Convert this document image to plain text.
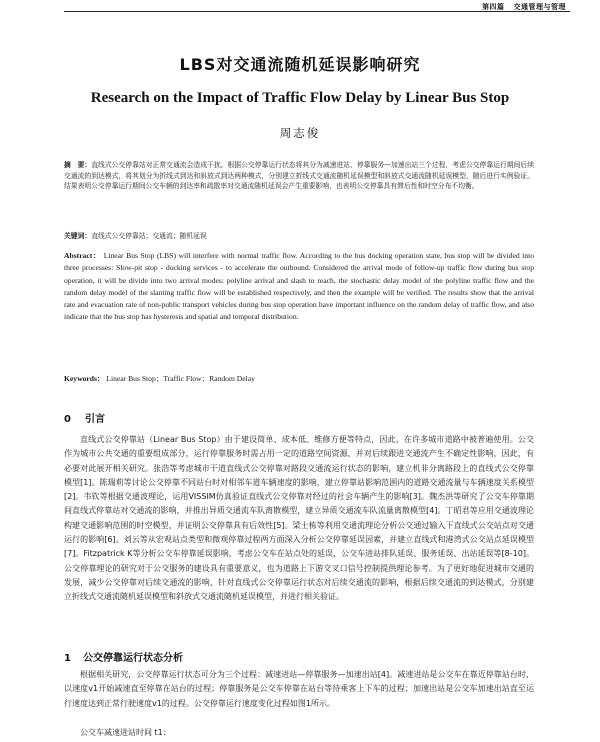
第四篇 交通管理与管理
LBS对交通流随机延误影响研究
Research on the Impact of Traffic Flow Delay by Linear Bus Stop
周志俊
摘　要：直线式公交停靠站对正常交通流会造成干扰。根据公交停靠运行状态将其分为减速进站、停靠服务—加速出站三个过程，考虑公交停靠运行期间后续交通流的到达模式，将其划分为折线式到达和斜放式到达两种模式，分别建立折线式交通流随机延误模型和斜放式交通流随机延误模型，随后进行实例验证。结果表明公交停靠运行期间公交车辆的到达率和疏散率对交通流随机延误会产生重要影响，也表明公交停靠具有滞后性和时空分布不均衡。
关键词：直线式公交停靠站；交通流；随机延误
Abstract： Linear Bus Stop (LBS) will interfere with normal traffic flow. According to the bus docking operation state, bus stop will be divided into three processes: Slow-pit stop - docking services - to accelerate the outbound. Considered the arrival mode of follow-up traffic flow during bus stop operation, it will be divide into two arrival modes: polyline arrival and slash to reach, the stochastic delay model of the polyline traffic flow and the random delay model of the slanting traffic flow will be established respectively, and then the example will be verified. The results show that the arrival rate and evacuation rate of non-public transport vehicles during bus stop operation have important influence on the random delay of traffic flow, and also indicate that the bus stop has hysteresis and spatial and temporal distribution.
Keywords： Linear Bus Stop；Traffic Flow；Random Delay
0 引言
直线式公交停靠站（Linear Bus Stop）由于建设简单、成本低、维修方便等特点，因此，在许多城市道路中被普遍使用。公交作为城市公共交通的重要组成部分，运行停靠服务时需占用一定的道路空间资源，并对后续跟进交通流产生不确定性影响，因此，有必要对此展开相关研究。张浩等考虑城市干道直线式公交停靠对路段交通流运行状态的影响，建立机非分离路段上的直线式公交停靠模型[1]。陈瑞莉等讨论公交停靠不同站台时对相邻车道车辆速度的影响，建立停靠站影响范围内的道路交通流量与车辆速度关系模型[2]。韦钦等根据交通波理论，运用VISSIM仿真验证直线式公交停靠对经过的社会车辆产生的影响[3]。魏杰洪等研究了公交车停靠期间直线式停靠站对交通流的影响，并推出异质交通流车队离散模型，建立异质交通流车队流量离散模型[4]。丁昭君等应用交通波理论构建交通影响范围的时空模型，并证明公交停靠具有后效性[5]。梁士栋等利用交通流理论分析公交通过输入下直线式公交站点对交通运行的影响[6]。刘云等从宏观站点类型和微观停靠过程两方面深入分析公交停靠延误因素，并建立直线式和港湾式公交站点延误模型[7]。Fitzpatrick K等分析公交车停靠延误影响，考虑公交车在站点处的延误，公交车进站排队延误、服务延误、出站延误等[8-10]。公交停靠理论的研究对于公交服务的建设具有重要意义，也为道路上下游交叉口信号控制提供理论参考。为了更好地促进城市交通的发展，减少公交停靠对后续交通流的影响，针对直线式公交停靠运行状态对后续交通流的影响，根据后续交通流的到达模式，分别建立折线式交通流随机延误模型和斜放式交通流随机延误模型，并进行相关验证。
1 公交停靠运行状态分析
根据相关研究，公交停靠运行状态可分为三个过程：减速进站—停靠服务—加速出站[4]。减速进站是公交车在靠近停靠站台时，以速度v1开始减速直至停靠在站台的过程；停靠服务是公交车停靠在站台等待乘客上下车的过程；加速出站是公交车加速出站直至运行速度达到正常行驶速度v1的过程。公交停靠运行速度变化过程如图1所示。
公交车减速进站时间 t1：
